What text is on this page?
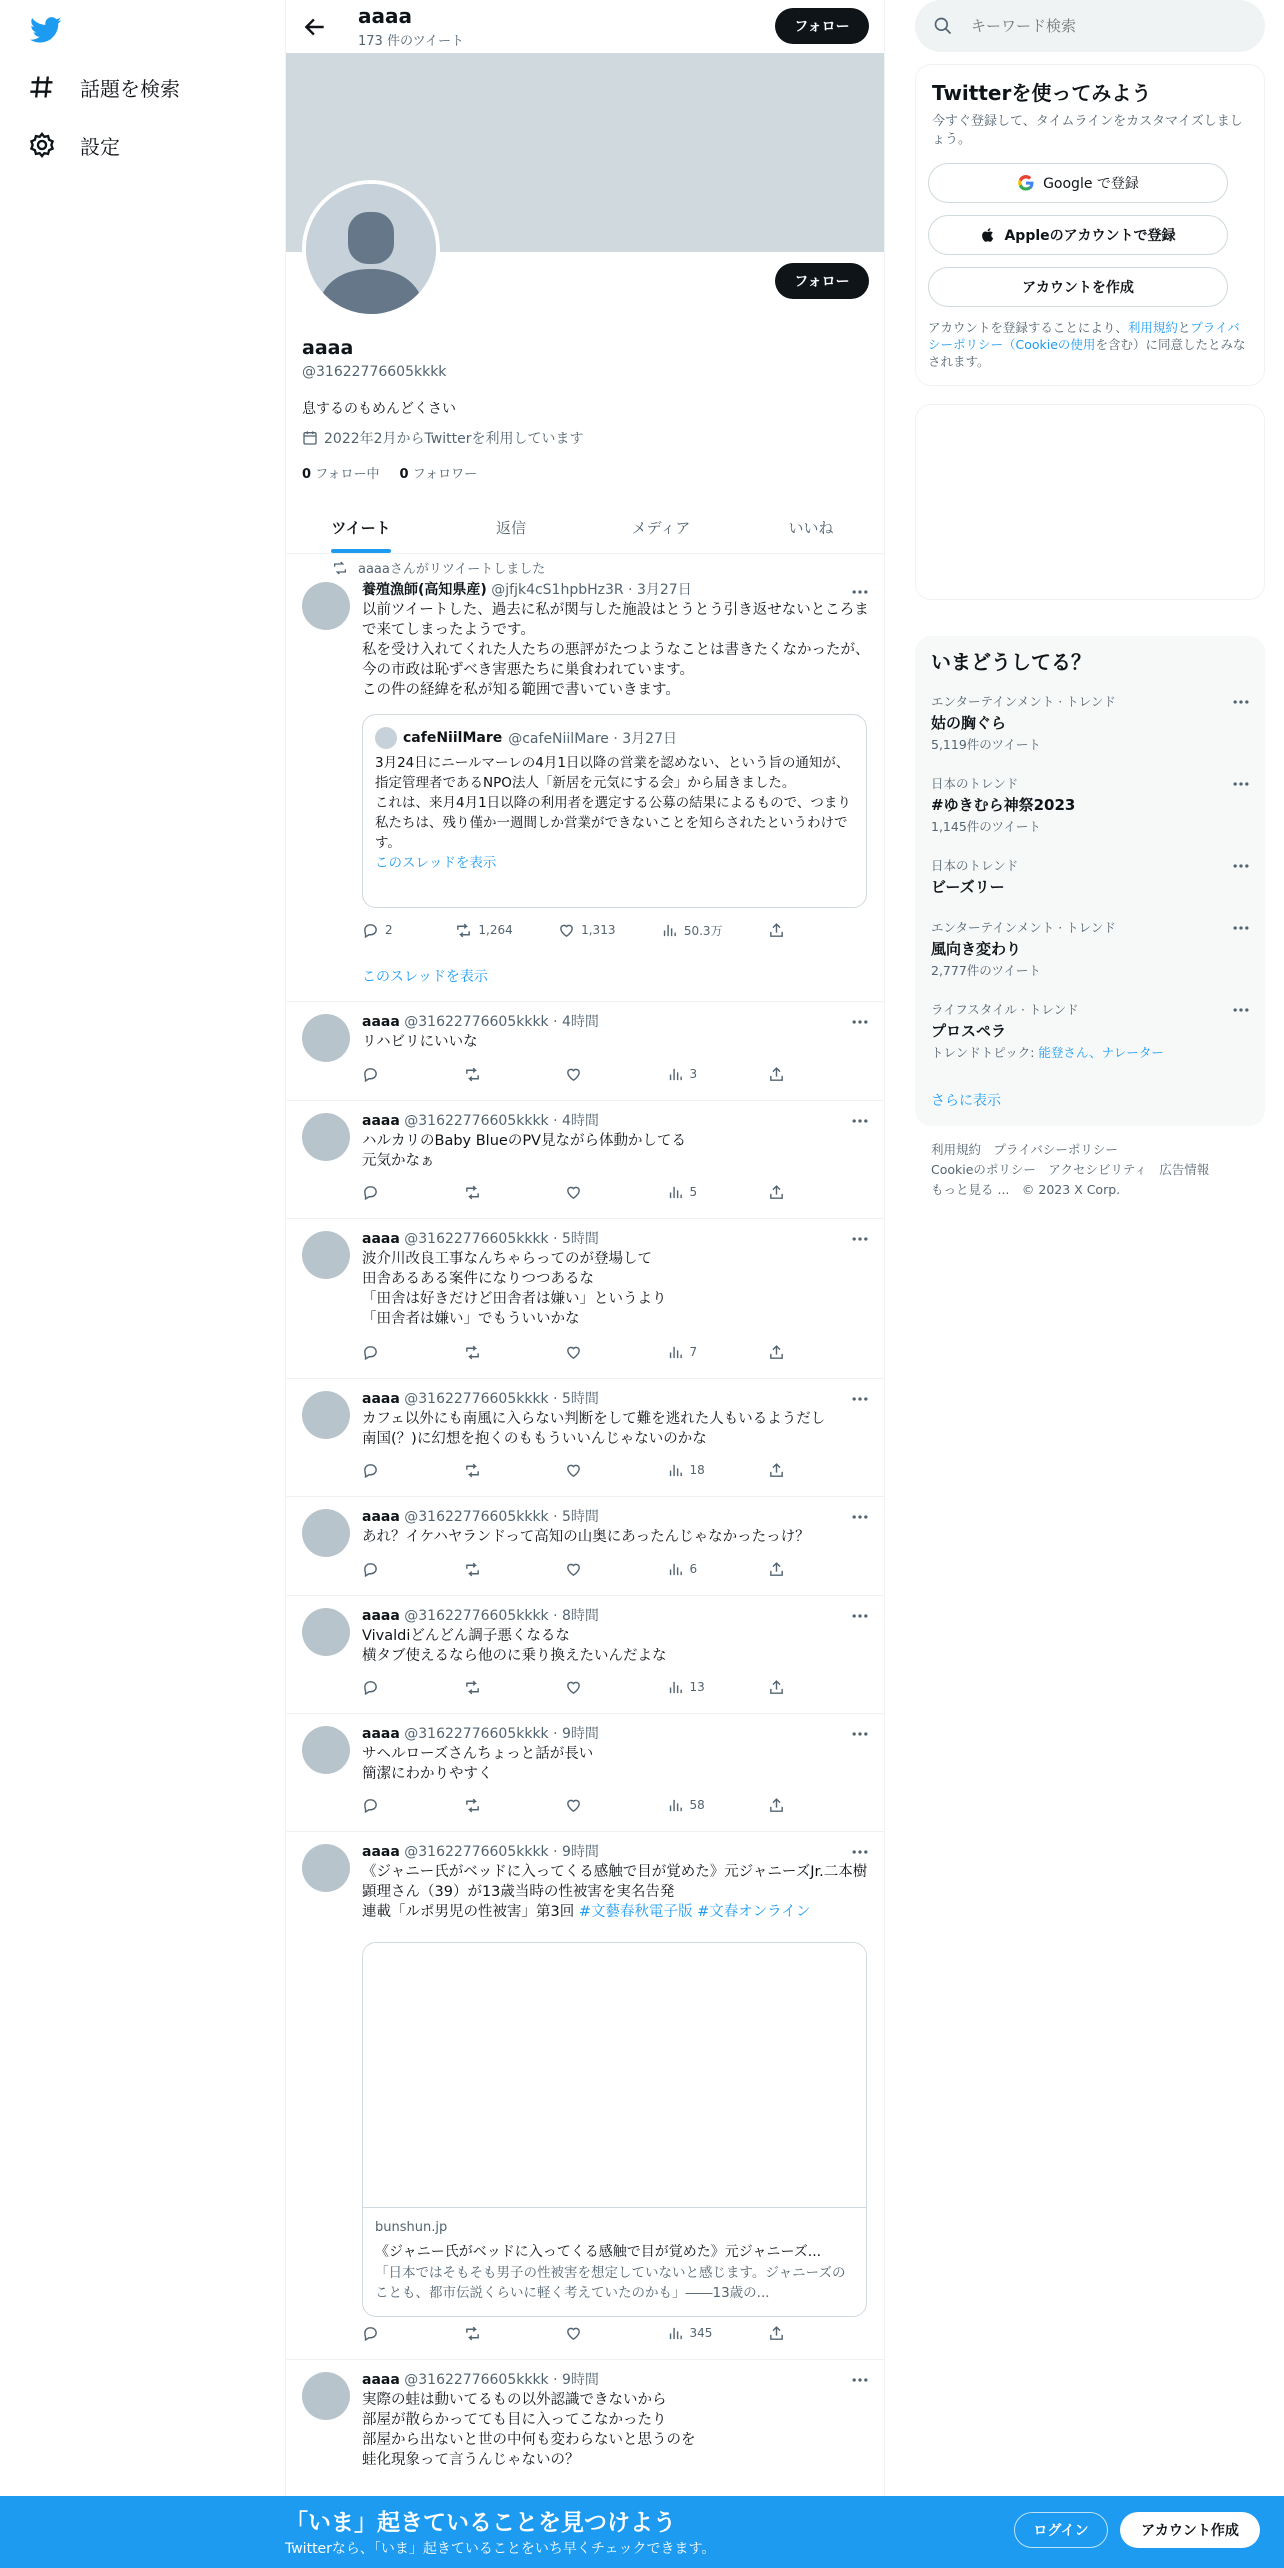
話題を検索
設定
aaaa
173 件のツイート
フォロー
フォロー
aaaa
@31622776605kkkk
息するのもめんどくさい
2022年2月からTwitterを利用しています
0 フォロー中 0 フォロワー
ツイート	返信	メディア	いいね
aaaaさんがリツイートしました
養殖漁師(高知県産) @jfjk4cS1hpbHz3R · 3月27日
以前ツイートした、過去に私が関与した施設はとうとう引き返せないところまで来てしまったようです。
私を受け入れてくれた人たちの悪評がたつようなことは書きたくなかったが、今の市政は恥ずべき害悪たちに巣食われています。
この件の経緯を私が知る範囲で書いていきます。
cafeNiilMare @cafeNiilMare · 3月27日
3月24日にニールマーレの4月1日以降の営業を認めない、という旨の通知が、指定管理者であるNPO法人「新居を元気にする会」から届きました。
これは、来月4月1日以降の利用者を選定する公募の結果によるもので、つまり私たちは、残り僅か一週間しか営業ができないことを知らされたというわけです。
このスレッドを表示
2	1,264	1,313	50.3万
このスレッドを表示
aaaa @31622776605kkkk · 4時間
リハビリにいいな
3
aaaa @31622776605kkkk · 4時間
ハルカリのBaby BlueのPV見ながら体動かしてる
元気かなぁ
5
aaaa @31622776605kkkk · 5時間
波介川改良工事なんちゃらってのが登場して
田舎あるある案件になりつつあるな
「田舎は好きだけど田舎者は嫌い」というより
「田舎者は嫌い」でもういいかな
7
aaaa @31622776605kkkk · 5時間
カフェ以外にも南風に入らない判断をして難を逃れた人もいるようだし
南国(？)に幻想を抱くのももういいんじゃないのかな
18
aaaa @31622776605kkkk · 5時間
あれ？イケハヤランドって高知の山奥にあったんじゃなかったっけ？
6
aaaa @31622776605kkkk · 8時間
Vivaldiどんどん調子悪くなるな
横タブ使えるなら他のに乗り換えたいんだよな
13
aaaa @31622776605kkkk · 9時間
サヘルローズさんちょっと話が長い
簡潔にわかりやすく
58
aaaa @31622776605kkkk · 9時間
《ジャニー氏がベッドに入ってくる感触で目が覚めた》元ジャニーズJr.二本樹顕理さん（39）が13歳当時の性被害を実名告発
連載「ルポ男児の性被害」第3回 #文藝春秋電子版 #文春オンライン
bunshun.jp
《ジャニー氏がベッドに入ってくる感触で目が覚めた》元ジャニーズ...
「日本ではそもそも男子の性被害を想定していないと感じます。ジャニーズのことも、都市伝説くらいに軽く考えていたのかも」――13歳の...
345
aaaa @31622776605kkkk · 9時間
実際の蛙は動いてるもの以外認識できないから
部屋が散らかってても目に入ってこなかったり
部屋から出ないと世の中何も変わらないと思うのを
蛙化現象って言うんじゃないの？
キーワード検索
Twitterを使ってみよう
今すぐ登録して、タイムラインをカスタマイズしましょう。
Google で登録
Appleのアカウントで登録
アカウントを作成
アカウントを登録することにより、利用規約とプライバシーポリシー（Cookieの使用を含む）に同意したとみなされます。
いまどうしてる？
エンターテインメント · トレンド
姑の胸ぐら
5,119件のツイート
日本のトレンド
#ゆきむら神祭2023
1,145件のツイート
日本のトレンド
ビーズリー
エンターテインメント · トレンド
風向き変わり
2,777件のツイート
ライフスタイル · トレンド
プロスペラ
トレンドトピック: 能登さん、ナレーター
さらに表示
利用規約　プライバシーポリシー
Cookieのポリシー　アクセシビリティ　広告情報
もっと見る ...　© 2023 X Corp.
「いま」起きていることを見つけよう
Twitterなら、「いま」起きていることをいち早くチェックできます。
ログイン	アカウント作成
